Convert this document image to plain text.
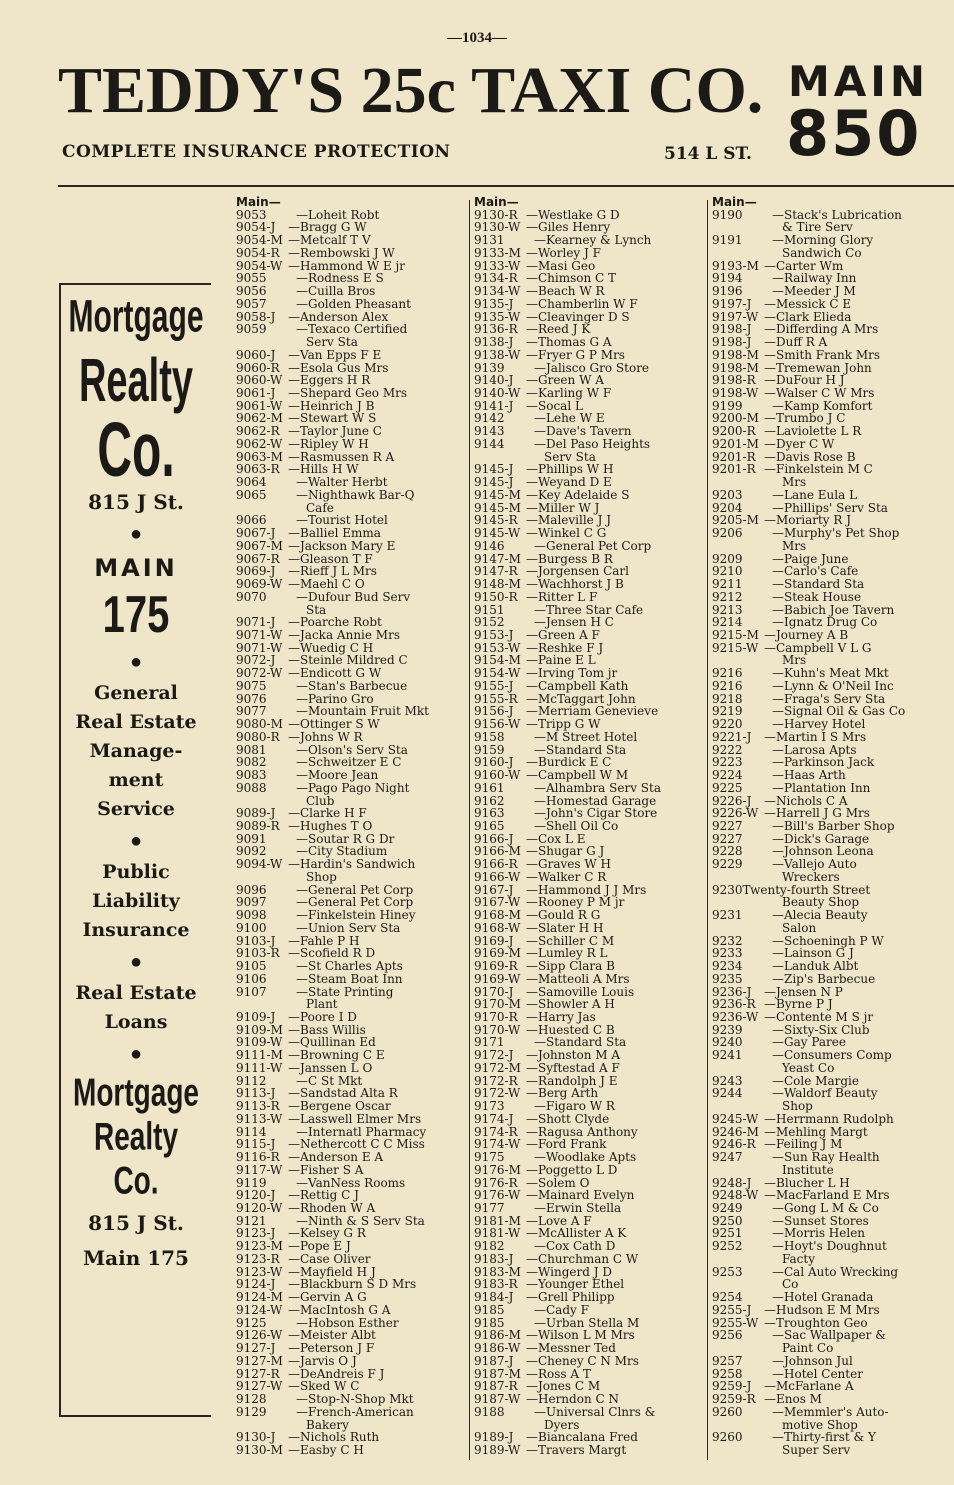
—1034—
TEDDY'S 25c TAXI CO. MAIN
850
COMPLETE INSURANCE PROTECTION	514 L ST.
Mortgage
Realty
Co.
815 J St.
●
MAIN
175
●
General
Real Estate
Manage-
ment
Service
●
Public
Liability
Insurance
●
Real Estate
Loans
●
Mortgage
Realty
Co.
815 J St.
Main 175
Main—
9053	—Loheit Robt
9054-J	—Bragg G W
9054-M —Metcalf T V
9054-R —Rembowski J W
9054-W —Hammond W E jr
9055	—Rodness E S
9056	—Cuilla Bros
9057	—Golden Pheasant
9058-J	—Anderson Alex
9059	—Texaco Certified
Serv Sta
9060-J	—Van Epps F E
9060-R —Esola Gus Mrs
9060-W —Eggers H R
9061-J	—Shepard Geo Mrs
9061-W —Heinrich J B
9062-M —Stewart W S
9062-R —Taylor June C
9062-W —Ripley W H
9063-M —Rasmussen R A
9063-R —Hills H W
9064	—Walter Herbt
9065	—Nighthawk Bar-Q
Cafe
9066	—Tourist Hotel
9067-J	—Balliel Emma
9067-M —Jackson Mary E
9067-R —Gleason T F
9069-J	—Rieff J L Mrs
9069-W —Maehl C O
9070	—Dufour Bud Serv
Sta
9071-J	—Poarche Robt
9071-W —Jacka Annie Mrs
9071-W —Wuedig C H
9072-J	—Steinle Mildred C
9072-W —Endicott G W
9075	—Stan's Barbecue
9076	—Parino Gro
9077	—Mountain Fruit Mkt
9080-M —Ottinger S W
9080-R —Johns W R
9081	—Olson's Serv Sta
9082	—Schweitzer E C
9083	—Moore Jean
9088	—Pago Pago Night
Club
9089-J	—Clarke H F
9089-R —Hughes T O
9091	—Soutar R G Dr
9092	—City Stadium
9094-W —Hardin's Sandwich
Shop
9096	—General Pet Corp
9097	—General Pet Corp
9098	—Finkelstein Hiney
9100	—Union Serv Sta
9103-J	—Fahle P H
9103-R —Scofield R D
9105	—St Charles Apts
9106	—Steam Boat Inn
9107	—State Printing
Plant
9109-J	—Poore I D
9109-M —Bass Willis
9109-W —Quillinan Ed
9111-M —Browning C E
9111-W —Janssen L O
9112	—C St Mkt
9113-J	—Sandstad Alta R
9113-R —Bergene Oscar
9113-W —Lasswell Elmer Mrs
9114	—Internatl Pharmacy
9115-J	—Nethercott C C Miss
9116-R —Anderson E A
9117-W —Fisher S A
9119	—VanNess Rooms
9120-J	—Rettig C J
9120-W —Rhoden W A
9121	—Ninth & S Serv Sta
9123-J	—Kelsey G R
9123-M —Pope E J
9123-R —Case Oliver
9123-W —Mayfield H J
9124-J	—Blackburn S D Mrs
9124-M —Gervin A G
9124-W —MacIntosh G A
9125	—Hobson Esther
9126-W —Meister Albt
9127-J	—Peterson J F
9127-M —Jarvis O J
9127-R —DeAndreis F J
9127-W —Sked W C
9128	—Stop-N-Shop Mkt
9129	—French-American
Bakery
9130-J	—Nichols Ruth
9130-M —Easby C H
Main—
9130-R —Westlake G D
9130-W —Giles Henry
9131	—Kearney & Lynch
9133-M —Worley J F
9133-W —Masi Geo
9134-R —Chimson C T
9134-W —Beach W R
9135-J	—Chamberlin W F
9135-W —Cleavinger D S
9136-R —Reed J K
9138-J	—Thomas G A
9138-W —Fryer G P Mrs
9139	—Jalisco Gro Store
9140-J	—Green W A
9140-W —Karling W F
9141-J	—Socal L
9142	—Lehe W E
9143	—Dave's Tavern
9144	—Del Paso Heights
Serv Sta
9145-J	—Phillips W H
9145-J	—Weyand D E
9145-M —Key Adelaide S
9145-M —Miller W J
9145-R —Maleville J J
9145-W —Winkel C G
9146	—General Pet Corp
9147-M —Burgess B R
9147-R —Jorgensen Carl
9148-M —Wachhorst J B
9150-R —Ritter L F
9151	—Three Star Cafe
9152	—Jensen H C
9153-J	—Green A F
9153-W —Reshke F J
9154-M —Paine E L
9154-W —Irving Tom jr
9155-J	—Campbell Kath
9155-R —McTaggart John
9156-J	—Merriam Genevieve
9156-W —Tripp G W
9158	—M Street Hotel
9159	—Standard Sta
9160-J	—Burdick E C
9160-W —Campbell W M
9161	—Alhambra Serv Sta
9162	—Homestad Garage
9163	—John's Cigar Store
9165	—Shell Oil Co
9166-J	—Cox L E
9166-M —Shugar G J
9166-R —Graves W H
9166-W —Walker C R
9167-J	—Hammond J J Mrs
9167-W —Rooney P M jr
9168-M —Gould R G
9168-W —Slater H H
9169-J	—Schiller C M
9169-M —Lumley R L
9169-R —Sipp Clara B
9169-W —Matteoli A Mrs
9170-J	—Samoville Louis
9170-M —Showler A H
9170-R —Harry Jas
9170-W —Huested C B
9171	—Standard Sta
9172-J	—Johnston M A
9172-M —Syftestad A F
9172-R —Randolph J E
9172-W —Berg Arth
9173	—Figaro W R
9174-J	—Shott Clyde
9174-R —Ragusa Anthony
9174-W —Ford Frank
9175	—Woodlake Apts
9176-M —Poggetto L D
9176-R —Solem O
9176-W —Mainard Evelyn
9177	—Erwin Stella
9181-M —Love A F
9181-W —McAllister A K
9182	—Cox Cath D
9183-J	—Churchman C W
9183-M —Wingerd J D
9183-R —Younger Ethel
9184-J	—Grell Philipp
9185	—Cady F
9185	—Urban Stella M
9186-M —Wilson L M Mrs
9186-W —Messner Ted
9187-J	—Cheney C N Mrs
9187-M —Ross A T
9187-R —Jones C M
9187-W —Herndon C N
9188	—Universal Clnrs &
Dyers
9189-J	—Biancalana Fred
9189-W —Travers Margt
Main—
9190	—Stack's Lubrication
& Tire Serv
9191	—Morning Glory
Sandwich Co
9193-M —Carter Wm
9194	—Railway Inn
9196	—Meeder J M
9197-J	—Messick C E
9197-W —Clark Elieda
9198-J	—Differding A Mrs
9198-J	—Duff R A
9198-M —Smith Frank Mrs
9198-M —Tremewan John
9198-R —DuFour H J
9198-W —Walser C W Mrs
9199	—Kamp Komfort
9200-M —Trumbo J C
9200-R —Laviolette L R
9201-M —Dyer C W
9201-R —Davis Rose B
9201-R —Finkelstein M C
Mrs
9203	—Lane Eula L
9204	—Phillips' Serv Sta
9205-M —Moriarty R J
9206	—Murphy's Pet Shop
Mrs
9209	—Paige June
9210	—Carlo's Cafe
9211	—Standard Sta
9212	—Steak House
9213	—Babich Joe Tavern
9214	—Ignatz Drug Co
9215-M —Journey A B
9215-W —Campbell V L G
Mrs
9216	—Kuhn's Meat Mkt
9216	—Lynn & O'Neil Inc
9218	—Fraga's Serv Sta
9219	—Signal Oil & Gas Co
9220	—Harvey Hotel
9221-J	—Martin I S Mrs
9222	—Larosa Apts
9223	—Parkinson Jack
9224	—Haas Arth
9225	—Plantation Inn
9226-J	—Nichols C A
9226-W —Harrell J G Mrs
9227	—Bill's Barber Shop
9227	—Dick's Garage
9228	—Johnson Leona
9229	—Vallejo Auto
Wreckers
9230 Twenty-fourth Street
Beauty Shop
9231	—Alecia Beauty
Salon
9232	—Schoeningh P W
9233	—Lainson G J
9234	—Landuk Albt
9235	—Zip's Barbecue
9236-J	—Jensen N P
9236-R —Byrne P J
9236-W —Contente M S jr
9239	—Sixty-Six Club
9240	—Gay Paree
9241	—Consumers Comp
Yeast Co
9243	—Cole Margie
9244	—Waldorf Beauty
Shop
9245-W —Herrmann Rudolph
9246-M —Mehling Margt
9246-R —Feiling J M
9247	—Sun Ray Health
Institute
9248-J	—Blucher L H
9248-W —MacFarland E Mrs
9249	—Gong L M & Co
9250	—Sunset Stores
9251	—Morris Helen
9252	—Hoyt's Doughnut
Facty
9253	—Cal Auto Wrecking
Co
9254	—Hotel Granada
9255-J	—Hudson E M Mrs
9255-W —Troughton Geo
9256	—Sac Wallpaper &
Paint Co
9257	—Johnson Jul
9258	—Hotel Center
9259-J	—McFarlane A
9259-R —Enos M
9260	—Memmler's Auto-
motive Shop
9260	—Thirty-first & Y
Super Serv
